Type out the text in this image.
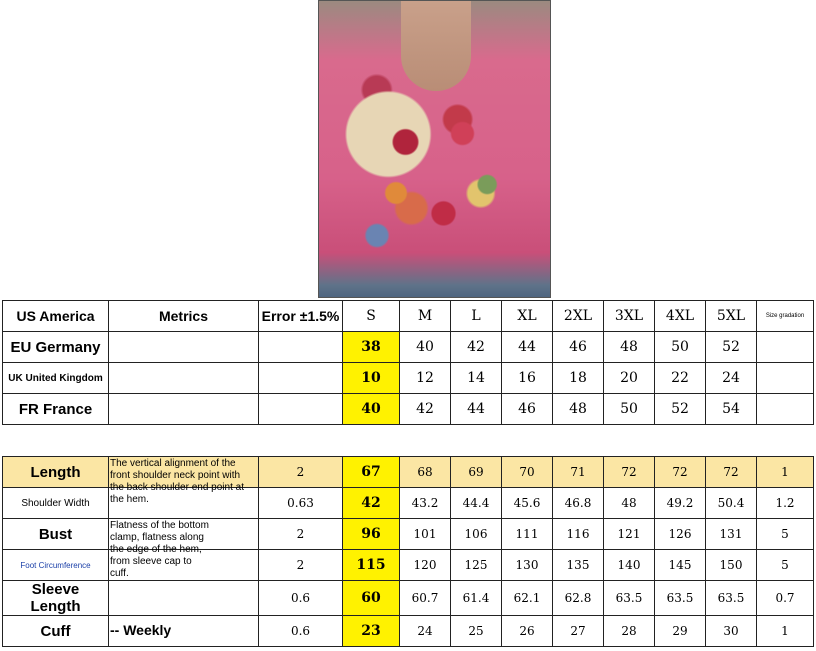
US America	Metrics	Error ±1.5%	S	M	L	XL	2XL	3XL	4XL	5XL	Size gradation
EU Germany			38	40	42	44	46	48	50	52	
UK United Kingdom			10	12	14	16	18	20	22	24	
FR France			40	42	44	46	48	50	52	54	

Length	The vertical alignment of the front shoulder neck point with the back shoulder end point at the hem.	2	67	68	69	70	71	72	72	72	1
Shoulder Width		0.63	42	43.2	44.4	45.6	46.8	48	49.2	50.4	1.2
Bust	Flatness of the bottom clamp, flatness along the edge of the hem, from sleeve cap to cuff.	2	96	101	106	111	116	121	126	131	5
Foot Circumference		2	115	120	125	130	135	140	145	150	5
Sleeve Length		0.6	60	60.7	61.4	62.1	62.8	63.5	63.5	63.5	0.7
Cuff	-- Weekly	0.6	23	24	25	26	27	28	29	30	1
